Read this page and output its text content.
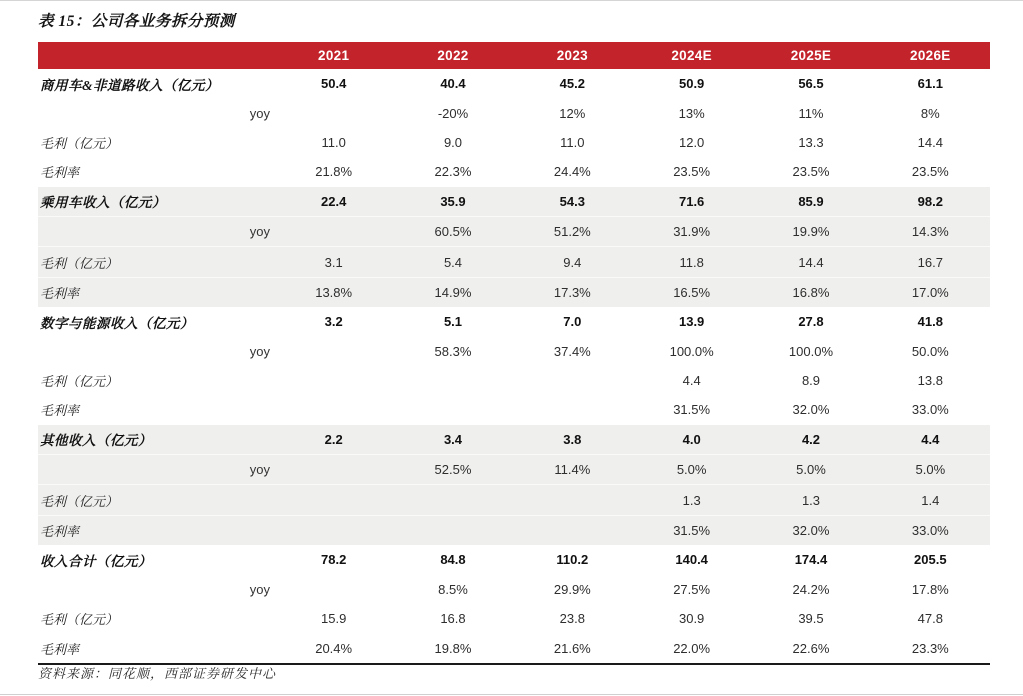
表 15：公司各业务拆分预测
	2021	2022	2023	2024E	2025E	2026E
商用车&非道路收入（亿元）	50.4	40.4	45.2	50.9	56.5	61.1
yoy		-20%	12%	13%	11%	8%
毛利（亿元）	11.0	9.0	11.0	12.0	13.3	14.4
毛利率	21.8%	22.3%	24.4%	23.5%	23.5%	23.5%
乘用车收入（亿元）	22.4	35.9	54.3	71.6	85.9	98.2
yoy		60.5%	51.2%	31.9%	19.9%	14.3%
毛利（亿元）	3.1	5.4	9.4	11.8	14.4	16.7
毛利率	13.8%	14.9%	17.3%	16.5%	16.8%	17.0%
数字与能源收入（亿元）	3.2	5.1	7.0	13.9	27.8	41.8
yoy		58.3%	37.4%	100.0%	100.0%	50.0%
毛利（亿元）				4.4	8.9	13.8
毛利率				31.5%	32.0%	33.0%
其他收入（亿元）	2.2	3.4	3.8	4.0	4.2	4.4
yoy		52.5%	11.4%	5.0%	5.0%	5.0%
毛利（亿元）				1.3	1.3	1.4
毛利率				31.5%	32.0%	33.0%
收入合计（亿元）	78.2	84.8	110.2	140.4	174.4	205.5
yoy		8.5%	29.9%	27.5%	24.2%	17.8%
毛利（亿元）	15.9	16.8	23.8	30.9	39.5	47.8
毛利率	20.4%	19.8%	21.6%	22.0%	22.6%	23.3%
资料来源：同花顺，西部证券研发中心
